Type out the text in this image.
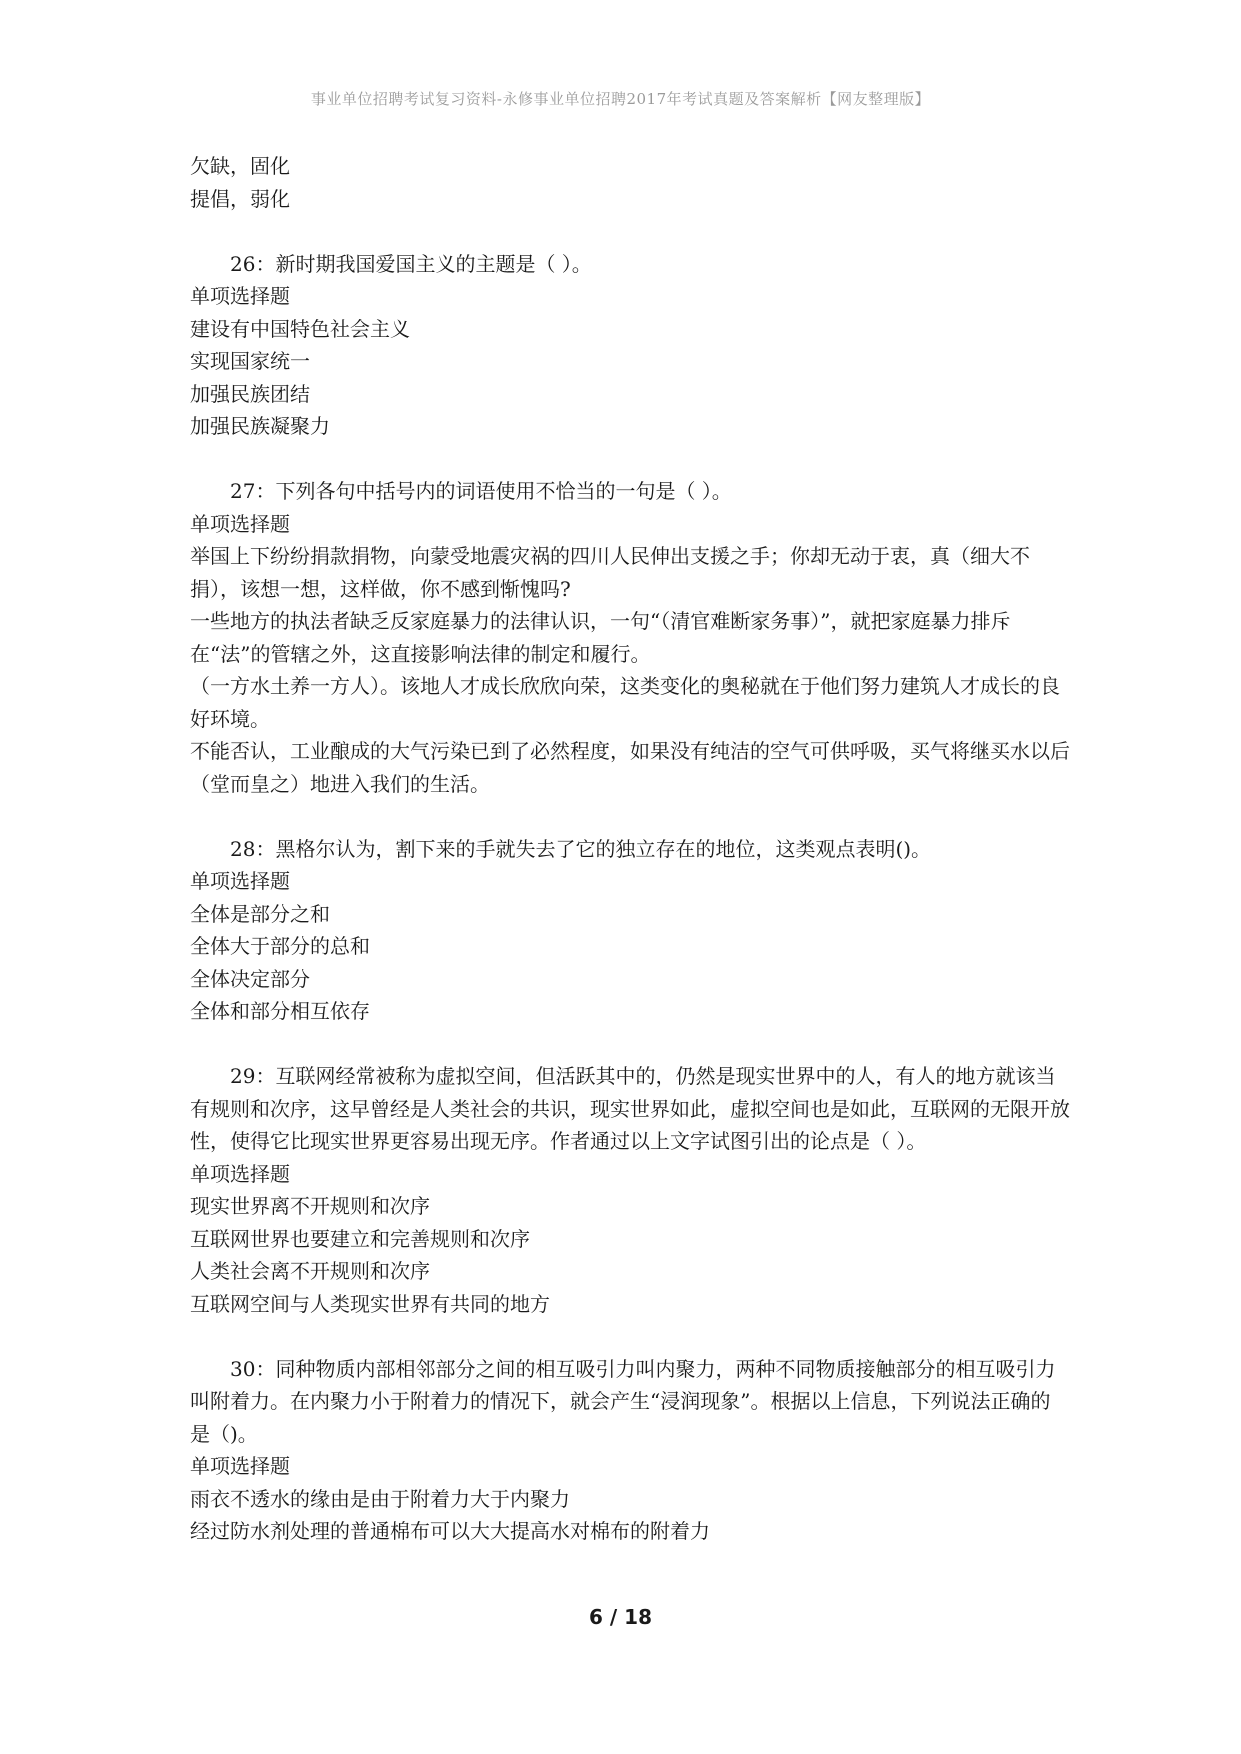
事业单位招聘考试复习资料-永修事业单位招聘2017年考试真题及答案解析【网友整理版】

欠缺，固化

提倡，弱化

26：新时期我国爱国主义的主题是（ ）。

单项选择题

建设有中国特色社会主义

实现国家统一

加强民族团结

加强民族凝聚力

27：下列各句中括号内的词语使用不恰当的一句是（ ）。

单项选择题

举国上下纷纷捐款捐物，向蒙受地震灾祸的四川人民伸出支援之手；你却无动于衷，真（细大不捐），该想一想，这样做，你不感到惭愧吗?

一些地方的执法者缺乏反家庭暴力的法律认识，一句“（清官难断家务事）”，就把家庭暴力排斥在“法”的管辖之外，这直接影响法律的制定和履行。

（一方水土养一方人）。该地人才成长欣欣向荣，这类变化的奥秘就在于他们努力建筑人才成长的良好环境。

不能否认，工业酿成的大气污染已到了必然程度，如果没有纯洁的空气可供呼吸，买气将继买水以后（堂而皇之）地进入我们的生活。

28：黑格尔认为，割下来的手就失去了它的独立存在的地位，这类观点表明()。

单项选择题

全体是部分之和

全体大于部分的总和

全体决定部分

全体和部分相互依存

29：互联网经常被称为虚拟空间，但活跃其中的，仍然是现实世界中的人，有人的地方就该当有规则和次序，这早曾经是人类社会的共识，现实世界如此，虚拟空间也是如此，互联网的无限开放性，使得它比现实世界更容易出现无序。作者通过以上文字试图引出的论点是（ ）。

单项选择题

现实世界离不开规则和次序

互联网世界也要建立和完善规则和次序

人类社会离不开规则和次序

互联网空间与人类现实世界有共同的地方

30：同种物质内部相邻部分之间的相互吸引力叫内聚力，两种不同物质接触部分的相互吸引力叫附着力。在内聚力小于附着力的情况下，就会产生“浸润现象”。根据以上信息，下列说法正确的是（)。

单项选择题

雨衣不透水的缘由是由于附着力大于内聚力

经过防水剂处理的普通棉布可以大大提高水对棉布的附着力

6 / 18
